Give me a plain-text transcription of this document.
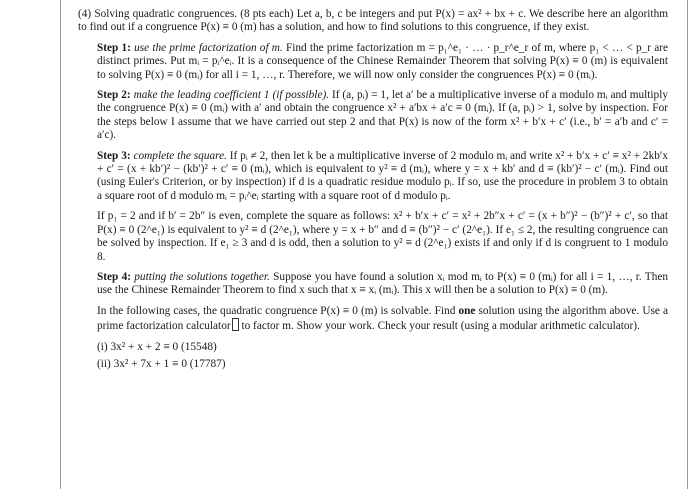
(4) Solving quadratic congruences. (8 pts each) Let a, b, c be integers and put P(x) = ax² + bx + c. We describe here an algorithm to find out if a congruence P(x) ≡ 0 (m) has a solution, and how to find solutions to this congruence, if they exist.

Step 1: use the prime factorization of m. Find the prime factorization m = p₁^e₁ · … · p_r^e_r of m, where p₁ < … < p_r are distinct primes. Put mᵢ = pᵢ^eᵢ. It is a consequence of the Chinese Remainder Theorem that solving P(x) ≡ 0 (m) is equivalent to solving P(x) ≡ 0 (mᵢ) for all i = 1, …, r. Therefore, we will now only consider the congruences P(x) ≡ 0 (mᵢ).

Step 2: make the leading coefficient 1 (if possible). If (a, pᵢ) = 1, let a′ be a multiplicative inverse of a modulo mᵢ and multiply the congruence P(x) ≡ 0 (mᵢ) with a′ and obtain the congruence x² + a′bx + a′c ≡ 0 (mᵢ). If (a, pᵢ) > 1, solve by inspection. For the steps below I assume that we have carried out step 2 and that P(x) is now of the form x² + b′x + c′ (i.e., b′ = a′b and c′ = a′c).

Step 3: complete the square. If pᵢ ≠ 2, then let k be a multiplicative inverse of 2 modulo mᵢ and write x² + b′x + c′ ≡ x² + 2kb′x + c′ = (x + kb′)² − (kb′)² + c′ ≡ 0 (mᵢ), which is equivalent to y² ≡ d (mᵢ), where y = x + kb′ and d ≡ (kb′)² − c′ (mᵢ). Find out (using Euler's Criterion, or by inspection) if d is a quadratic residue modulo pᵢ. If so, use the procedure in problem 3 to obtain a square root of d modulo mᵢ = pᵢ^eᵢ starting with a square root of d modulo pᵢ.

If p₁ = 2 and if b′ = 2b″ is even, complete the square as follows: x² + b′x + c′ = x² + 2b″x + c′ = (x + b″)² − (b″)² + c′, so that P(x) ≡ 0 (2^e₁) is equivalent to y² ≡ d (2^e₁), where y = x + b″ and d ≡ (b″)² − c′ (2^e₁). If e₁ ≤ 2, the resulting congruence can be solved by inspection. If e₁ ≥ 3 and d is odd, then a solution to y² ≡ d (2^e₁) exists if and only if d is congruent to 1 modulo 8.

Step 4: putting the solutions together. Suppose you have found a solution xᵢ mod mᵢ to P(x) ≡ 0 (mᵢ) for all i = 1, …, r. Then use the Chinese Remainder Theorem to find x such that x ≡ xᵢ (mᵢ). This x will then be a solution to P(x) ≡ 0 (m).

In the following cases, the quadratic congruence P(x) ≡ 0 (m) is solvable. Find one solution using the algorithm above. Use a prime factorization calculator to factor m. Show your work. Check your result (using a modular arithmetic calculator).

(i) 3x² + x + 2 ≡ 0 (15548)

(ii) 3x² + 7x + 1 ≡ 0 (17787)
